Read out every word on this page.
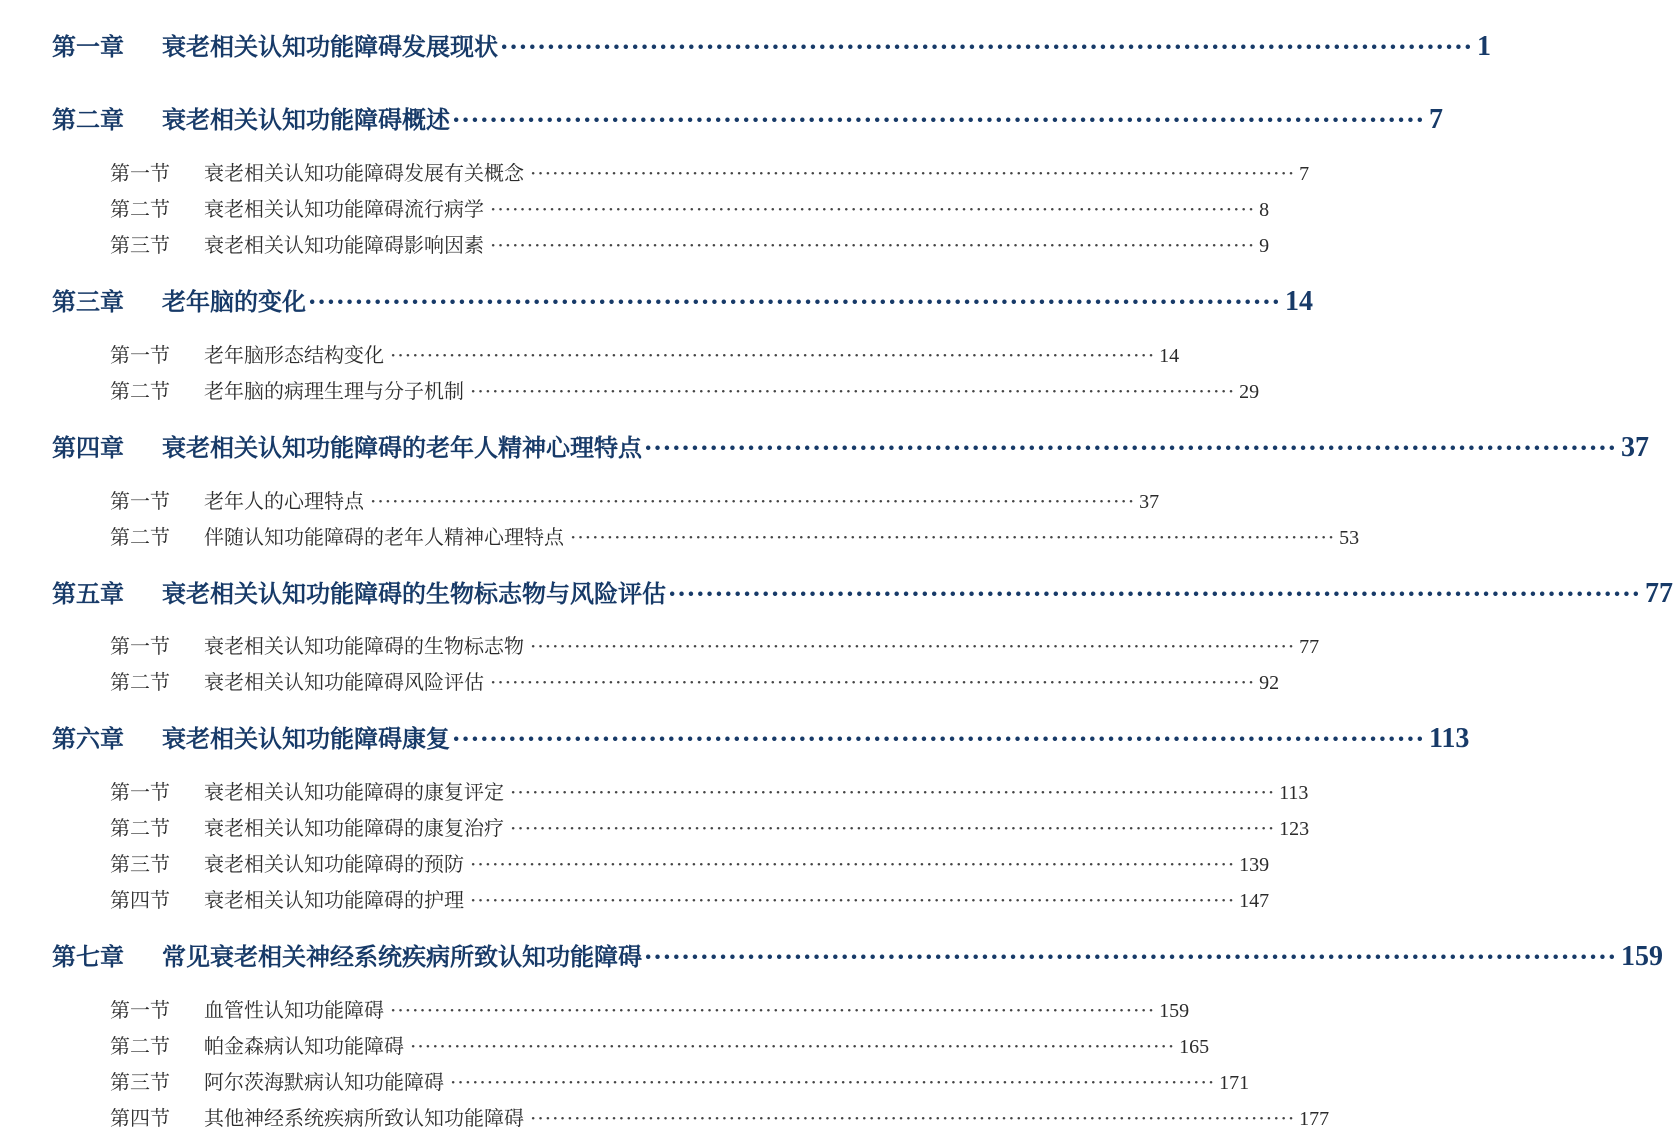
第一章	衰老相关认知功能障碍发展现状 ········································································································ 1
第二章	衰老相关认知功能障碍概述 ········································································································ 7
第一节	衰老相关认知功能障碍发展有关概念 ········································································································ 7
第二节	衰老相关认知功能障碍流行病学 ········································································································ 8
第三节	衰老相关认知功能障碍影响因素 ········································································································ 9
第三章	老年脑的变化 ········································································································ 14
第一节	老年脑形态结构变化 ········································································································ 14
第二节	老年脑的病理生理与分子机制 ········································································································ 29
第四章	衰老相关认知功能障碍的老年人精神心理特点 ········································································································ 37
第一节	老年人的心理特点 ········································································································ 37
第二节	伴随认知功能障碍的老年人精神心理特点 ········································································································ 53
第五章	衰老相关认知功能障碍的生物标志物与风险评估 ········································································································ 77
第一节	衰老相关认知功能障碍的生物标志物 ········································································································ 77
第二节	衰老相关认知功能障碍风险评估 ········································································································ 92
第六章	衰老相关认知功能障碍康复 ········································································································ 113
第一节	衰老相关认知功能障碍的康复评定 ········································································································ 113
第二节	衰老相关认知功能障碍的康复治疗 ········································································································ 123
第三节	衰老相关认知功能障碍的预防 ········································································································ 139
第四节	衰老相关认知功能障碍的护理 ········································································································ 147
第七章	常见衰老相关神经系统疾病所致认知功能障碍 ········································································································ 159
第一节	血管性认知功能障碍 ········································································································ 159
第二节	帕金森病认知功能障碍 ········································································································ 165
第三节	阿尔茨海默病认知功能障碍 ········································································································ 171
第四节	其他神经系统疾病所致认知功能障碍 ········································································································ 177
